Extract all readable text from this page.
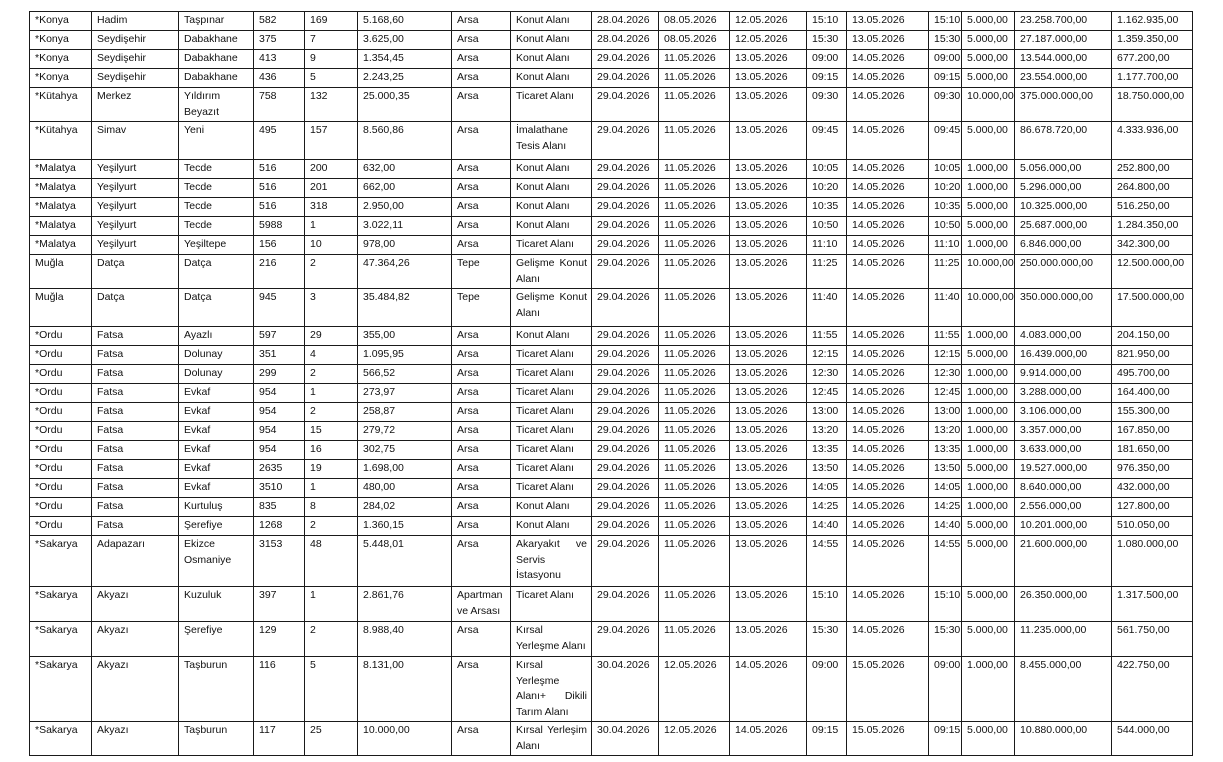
*Konya	Hadim	Taşpınar	582	169	5.168,60	Arsa	Konut Alanı	28.04.2026	08.05.2026	12.05.2026	15:10	13.05.2026	15:10	5.000,00	23.258.700,00	1.162.935,00
*Konya	Seydişehir	Dabakhane	375	7	3.625,00	Arsa	Konut Alanı	28.04.2026	08.05.2026	12.05.2026	15:30	13.05.2026	15:30	5.000,00	27.187.000,00	1.359.350,00
*Konya	Seydişehir	Dabakhane	413	9	1.354,45	Arsa	Konut Alanı	29.04.2026	11.05.2026	13.05.2026	09:00	14.05.2026	09:00	5.000,00	13.544.000,00	677.200,00
*Konya	Seydişehir	Dabakhane	436	5	2.243,25	Arsa	Konut Alanı	29.04.2026	11.05.2026	13.05.2026	09:15	14.05.2026	09:15	5.000,00	23.554.000,00	1.177.700,00
*Kütahya	Merkez	Yıldırım Beyazıt	758	132	25.000,35	Arsa	Ticaret Alanı	29.04.2026	11.05.2026	13.05.2026	09:30	14.05.2026	09:30	10.000,00	375.000.000,00	18.750.000,00
*Kütahya	Simav	Yeni	495	157	8.560,86	Arsa	İmalathane Tesis Alanı	29.04.2026	11.05.2026	13.05.2026	09:45	14.05.2026	09:45	5.000,00	86.678.720,00	4.333.936,00
*Malatya	Yeşilyurt	Tecde	516	200	632,00	Arsa	Konut Alanı	29.04.2026	11.05.2026	13.05.2026	10:05	14.05.2026	10:05	1.000,00	5.056.000,00	252.800,00
*Malatya	Yeşilyurt	Tecde	516	201	662,00	Arsa	Konut Alanı	29.04.2026	11.05.2026	13.05.2026	10:20	14.05.2026	10:20	1.000,00	5.296.000,00	264.800,00
*Malatya	Yeşilyurt	Tecde	516	318	2.950,00	Arsa	Konut Alanı	29.04.2026	11.05.2026	13.05.2026	10:35	14.05.2026	10:35	5.000,00	10.325.000,00	516.250,00
*Malatya	Yeşilyurt	Tecde	5988	1	3.022,11	Arsa	Konut Alanı	29.04.2026	11.05.2026	13.05.2026	10:50	14.05.2026	10:50	5.000,00	25.687.000,00	1.284.350,00
*Malatya	Yeşilyurt	Yeşiltepe	156	10	978,00	Arsa	Ticaret Alanı	29.04.2026	11.05.2026	13.05.2026	11:10	14.05.2026	11:10	1.000,00	6.846.000,00	342.300,00
Muğla	Datça	Datça	216	2	47.364,26	Tepe	Gelişme Konut Alanı	29.04.2026	11.05.2026	13.05.2026	11:25	14.05.2026	11:25	10.000,00	250.000.000,00	12.500.000,00
Muğla	Datça	Datça	945	3	35.484,82	Tepe	Gelişme Konut Alanı	29.04.2026	11.05.2026	13.05.2026	11:40	14.05.2026	11:40	10.000,00	350.000.000,00	17.500.000,00
*Ordu	Fatsa	Ayazlı	597	29	355,00	Arsa	Konut Alanı	29.04.2026	11.05.2026	13.05.2026	11:55	14.05.2026	11:55	1.000,00	4.083.000,00	204.150,00
*Ordu	Fatsa	Dolunay	351	4	1.095,95	Arsa	Ticaret Alanı	29.04.2026	11.05.2026	13.05.2026	12:15	14.05.2026	12:15	5.000,00	16.439.000,00	821.950,00
*Ordu	Fatsa	Dolunay	299	2	566,52	Arsa	Ticaret Alanı	29.04.2026	11.05.2026	13.05.2026	12:30	14.05.2026	12:30	1.000,00	9.914.000,00	495.700,00
*Ordu	Fatsa	Evkaf	954	1	273,97	Arsa	Ticaret Alanı	29.04.2026	11.05.2026	13.05.2026	12:45	14.05.2026	12:45	1.000,00	3.288.000,00	164.400,00
*Ordu	Fatsa	Evkaf	954	2	258,87	Arsa	Ticaret Alanı	29.04.2026	11.05.2026	13.05.2026	13:00	14.05.2026	13:00	1.000,00	3.106.000,00	155.300,00
*Ordu	Fatsa	Evkaf	954	15	279,72	Arsa	Ticaret Alanı	29.04.2026	11.05.2026	13.05.2026	13:20	14.05.2026	13:20	1.000,00	3.357.000,00	167.850,00
*Ordu	Fatsa	Evkaf	954	16	302,75	Arsa	Ticaret Alanı	29.04.2026	11.05.2026	13.05.2026	13:35	14.05.2026	13:35	1.000,00	3.633.000,00	181.650,00
*Ordu	Fatsa	Evkaf	2635	19	1.698,00	Arsa	Ticaret Alanı	29.04.2026	11.05.2026	13.05.2026	13:50	14.05.2026	13:50	5.000,00	19.527.000,00	976.350,00
*Ordu	Fatsa	Evkaf	3510	1	480,00	Arsa	Ticaret Alanı	29.04.2026	11.05.2026	13.05.2026	14:05	14.05.2026	14:05	1.000,00	8.640.000,00	432.000,00
*Ordu	Fatsa	Kurtuluş	835	8	284,02	Arsa	Konut Alanı	29.04.2026	11.05.2026	13.05.2026	14:25	14.05.2026	14:25	1.000,00	2.556.000,00	127.800,00
*Ordu	Fatsa	Şerefiye	1268	2	1.360,15	Arsa	Konut Alanı	29.04.2026	11.05.2026	13.05.2026	14:40	14.05.2026	14:40	5.000,00	10.201.000,00	510.050,00
*Sakarya	Adapazarı	Ekizce Osmaniye	3153	48	5.448,01	Arsa	Akaryakıt ve Servis İstasyonu	29.04.2026	11.05.2026	13.05.2026	14:55	14.05.2026	14:55	5.000,00	21.600.000,00	1.080.000,00
*Sakarya	Akyazı	Kuzuluk	397	1	2.861,76	Apartman ve Arsası	Ticaret Alanı	29.04.2026	11.05.2026	13.05.2026	15:10	14.05.2026	15:10	5.000,00	26.350.000,00	1.317.500,00
*Sakarya	Akyazı	Şerefiye	129	2	8.988,40	Arsa	Kırsal Yerleşme Alanı	29.04.2026	11.05.2026	13.05.2026	15:30	14.05.2026	15:30	5.000,00	11.235.000,00	561.750,00
*Sakarya	Akyazı	Taşburun	116	5	8.131,00	Arsa	Kırsal Yerleşme Alanı+ Dikili Tarım Alanı	30.04.2026	12.05.2026	14.05.2026	09:00	15.05.2026	09:00	1.000,00	8.455.000,00	422.750,00
*Sakarya	Akyazı	Taşburun	117	25	10.000,00	Arsa	Kırsal Yerleşim Alanı	30.04.2026	12.05.2026	14.05.2026	09:15	15.05.2026	09:15	5.000,00	10.880.000,00	544.000,00
